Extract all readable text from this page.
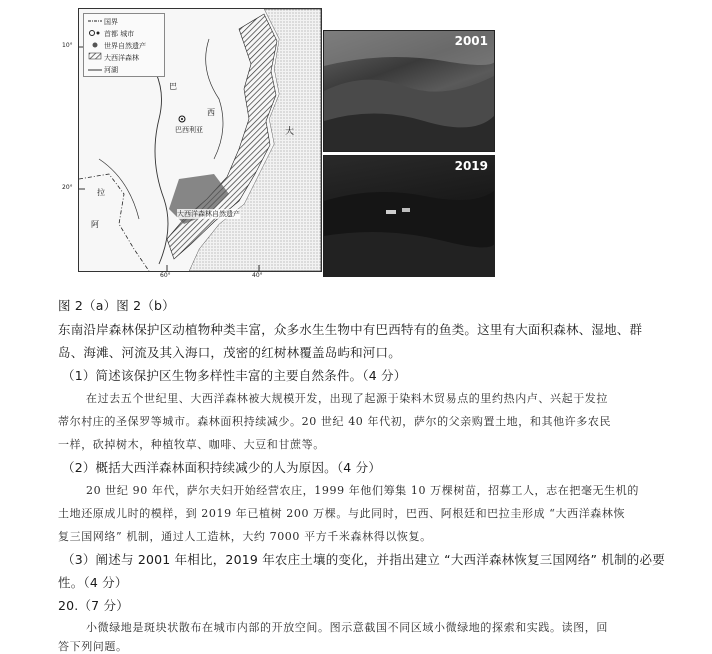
国界
首都 城市
世界自然遗产
大西洋森林
河湖
巴
西
巴西利亚	大
大西洋森林自然遗产
拉
阿
10°
20°
60°	40°
2001
2019
图 2（a）图 2（b）
东南沿岸森林保护区动植物种类丰富，众多水生生物中有巴西特有的鱼类。这里有大面积森林、湿地、群
岛、海滩、河流及其入海口，茂密的红树林覆盖岛屿和河口。
（1）简述该保护区生物多样性丰富的主要自然条件。（4 分）
在过去五个世纪里、大西洋森林被大规模开发，出现了起源于染料木贸易点的里约热内卢、兴起于发拉
蒂尔村庄的圣保罗等城市。森林面积持续减少。20 世纪 40 年代初，萨尔的父亲购置土地，和其他许多农民
一样，砍掉树木，种植牧草、咖啡、大豆和甘蔗等。
（2）概括大西洋森林面积持续减少的人为原因。（4 分）
20 世纪 90 年代，萨尔夫妇开始经营农庄，1999 年他们筹集 10 万棵树苗，招募工人，志在把毫无生机的
土地还原成儿时的模样，到 2019 年已植树 200 万棵。与此同时，巴西、阿根廷和巴拉圭形成 “大西洋森林恢
复三国网络” 机制，通过人工造林，大约 7000 平方千米森林得以恢复。
（3）阐述与 2001 年相比，2019 年农庄土壤的变化，并指出建立 “大西洋森林恢复三国网络” 机制的必要
性。（4 分）
20.（7 分）
小微绿地是斑块状散布在城市内部的开放空间。图示意截国不同区域小微绿地的探索和实践。读图，回
答下列问题。
